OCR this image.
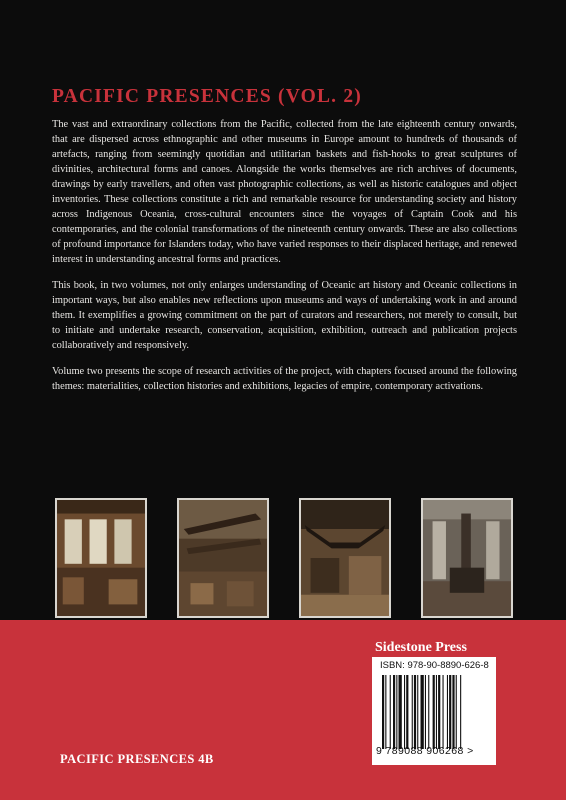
PACIFIC PRESENCES (VOL. 2)

The vast and extraordinary collections from the Pacific, collected from the late eighteenth century onwards, that are dispersed across ethnographic and other museums in Europe amount to hundreds of thousands of artefacts, ranging from seemingly quotidian and utilitarian baskets and fish-hooks to great sculptures of divinities, architectural forms and canoes. Alongside the works themselves are rich archives of documents, drawings by early travellers, and often vast photographic collections, as well as historic catalogues and object inventories. These collections constitute a rich and remarkable resource for understanding society and history across Indigenous Oceania, cross-cultural encounters since the voyages of Captain Cook and his contemporaries, and the colonial transformations of the nineteenth century onwards. These are also collections of profound importance for Islanders today, who have varied responses to their displaced heritage, and renewed interest in understanding ancestral forms and practices.

This book, in two volumes, not only enlarges understanding of Oceanic art history and Oceanic collections in important ways, but also enables new reflections upon museums and ways of undertaking work in and around them. It exemplifies a growing commitment on the part of curators and researchers, not merely to consult, but to initiate and undertake research, conservation, acquisition, exhibition, outreach and publication projects collaboratively and responsively.

Volume two presents the scope of research activities of the project, with chapters focused around the following themes: materialities, collection histories and exhibitions, legacies of empire, contemporary activations.

Sidestone Press
ISBN: 978-90-8890-626-8
9 789088 906268 >
PACIFIC PRESENCES 4B
